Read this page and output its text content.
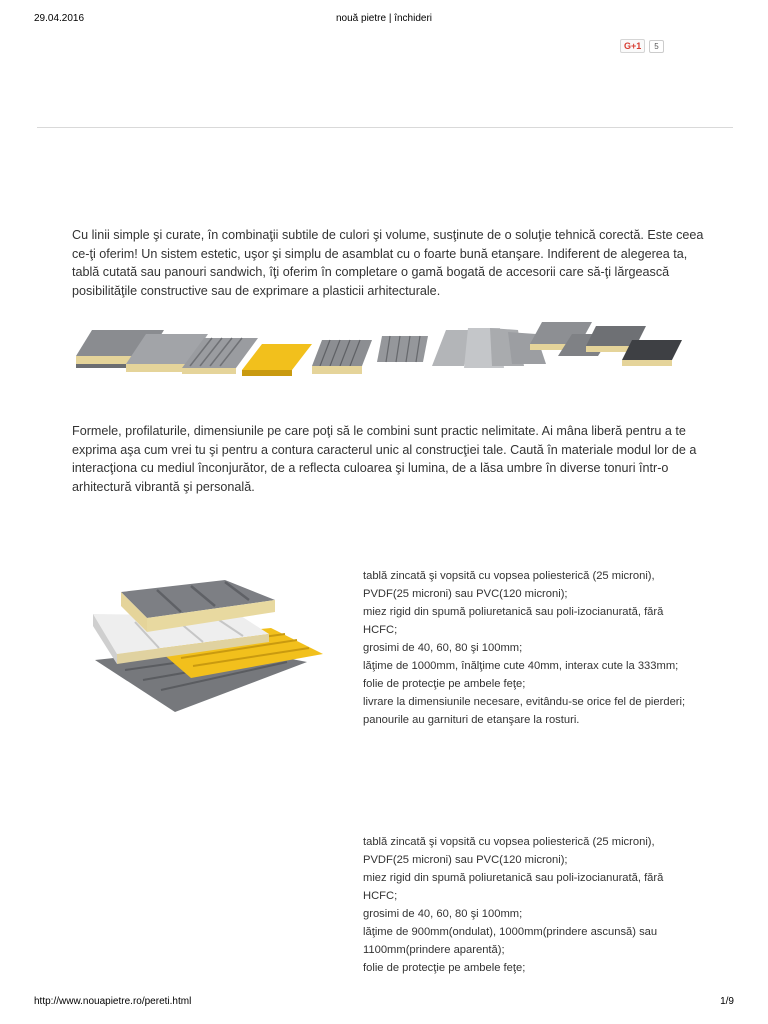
29.04.2016	nouă pietre | închideri
G+1	5
Cu linii simple şi curate, în combinaţii subtile de culori şi volume, susţinute de o soluţie tehnică corectă. Este ceea ce-ţi oferim! Un sistem estetic, uşor şi simplu de asamblat cu o foarte bună etanşare. Indiferent de alegerea ta, tablă cutată sau panouri sandwich, îţi oferim în completare o gamă bogată de accesorii care să-ţi lărgească posibilităţile constructive sau de exprimare a plasticii arhitecturale.
Formele, profilaturile, dimensiunile pe care poţi să le combini sunt practic nelimitate. Ai mâna liberă pentru a te exprima aşa cum vrei tu şi pentru a contura caracterul unic al construcţiei tale. Caută în materiale modul lor de a interacţiona cu mediul înconjurător, de a reflecta culoarea şi lumina, de a lăsa umbre în diverse tonuri într-o arhitectură vibrantă şi personală.
tablă zincată şi vopsită cu vopsea poliesterică (25 microni), PVDF(25 microni) sau PVC(120 microni);
miez rigid din spumă poliuretanică sau poli-izocianurată, fără HCFC;
grosimi de 40, 60, 80 şi 100mm;
lăţime de 1000mm, înălţime cute 40mm, interax cute la 333mm;
folie de protecţie pe ambele feţe;
livrare la dimensiunile necesare, evitându-se orice fel de pierderi;
panourile au garnituri de etanşare la rosturi.
tablă zincată şi vopsită cu vopsea poliesterică (25 microni), PVDF(25 microni) sau PVC(120 microni);
miez rigid din spumă poliuretanică sau poli-izocianurată, fără HCFC;
grosimi de 40, 60, 80 şi 100mm;
lăţime de 900mm(ondulat), 1000mm(prindere ascunsă) sau 1100mm(prindere aparentă);
folie de protecţie pe ambele feţe;
http://www.nouapietre.ro/pereti.html	1/9
